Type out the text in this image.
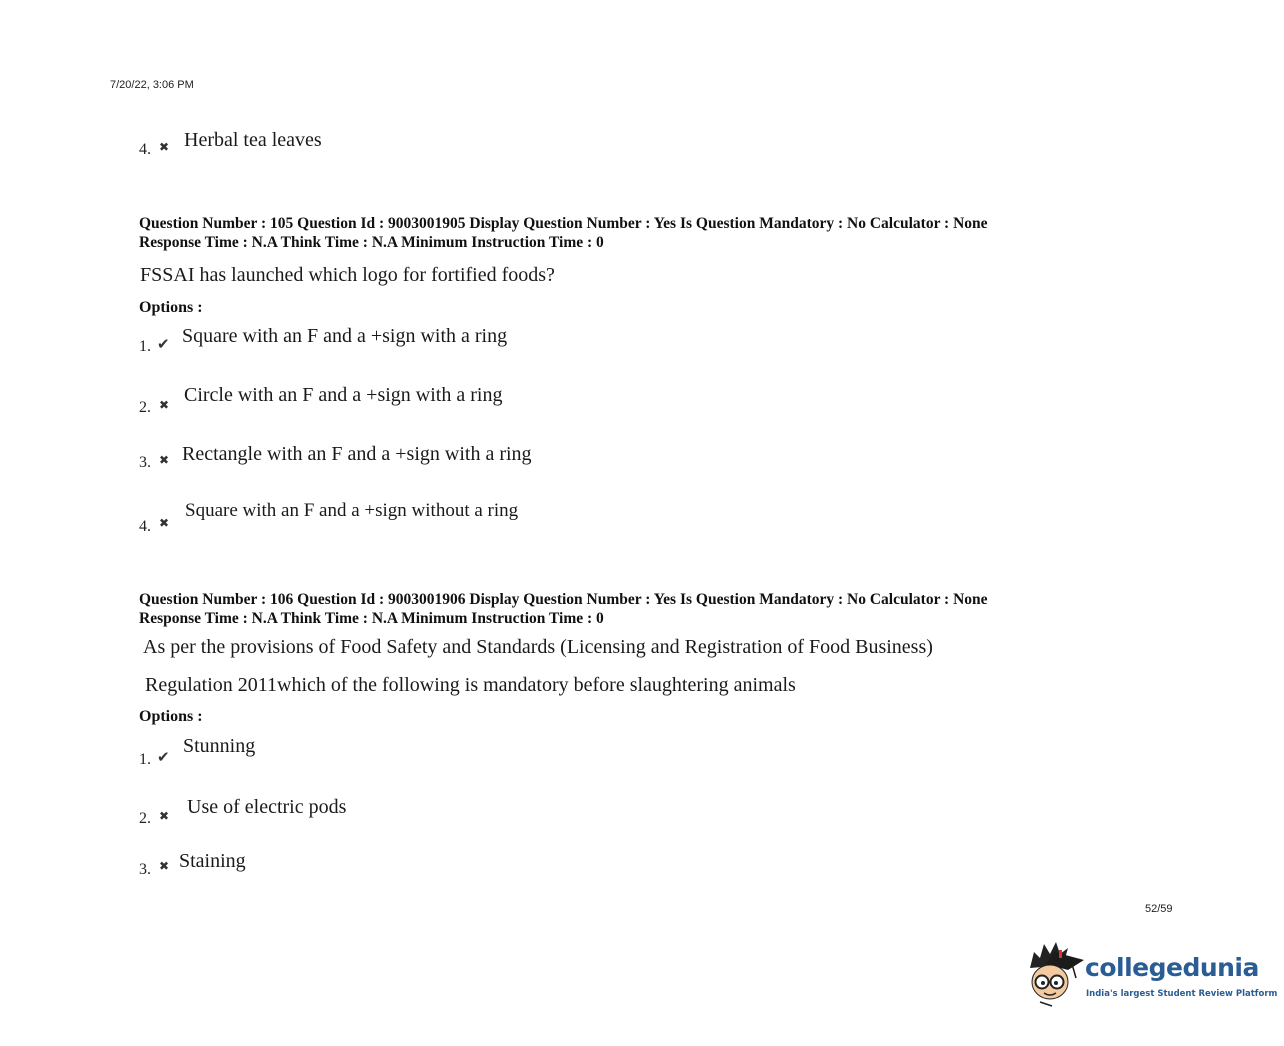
7/20/22, 3:06 PM
4. ✖ Herbal tea leaves
Question Number : 105 Question Id : 9003001905 Display Question Number : Yes Is Question Mandatory : No Calculator : None
Response Time : N.A Think Time : N.A Minimum Instruction Time : 0
FSSAI has launched which logo for fortified foods?
Options :
1. ✔ Square with an F and a +sign with a ring
2. ✖ Circle with an F and a +sign with a ring
3. ✖ Rectangle with an F and a +sign with a ring
4. ✖
Square with an F and a +sign without a ring
Question Number : 106 Question Id : 9003001906 Display Question Number : Yes Is Question Mandatory : No Calculator : None
Response Time : N.A Think Time : N.A Minimum Instruction Time : 0
As per the provisions of Food Safety and Standards (Licensing and Registration of Food Business)
Regulation 2011which of the following is mandatory before slaughtering animals
Options :
1. ✔
Stunning
2. ✖ Use of electric pods
3. ✖ Staining
52/59
collegedunia
India's largest Student Review Platform
